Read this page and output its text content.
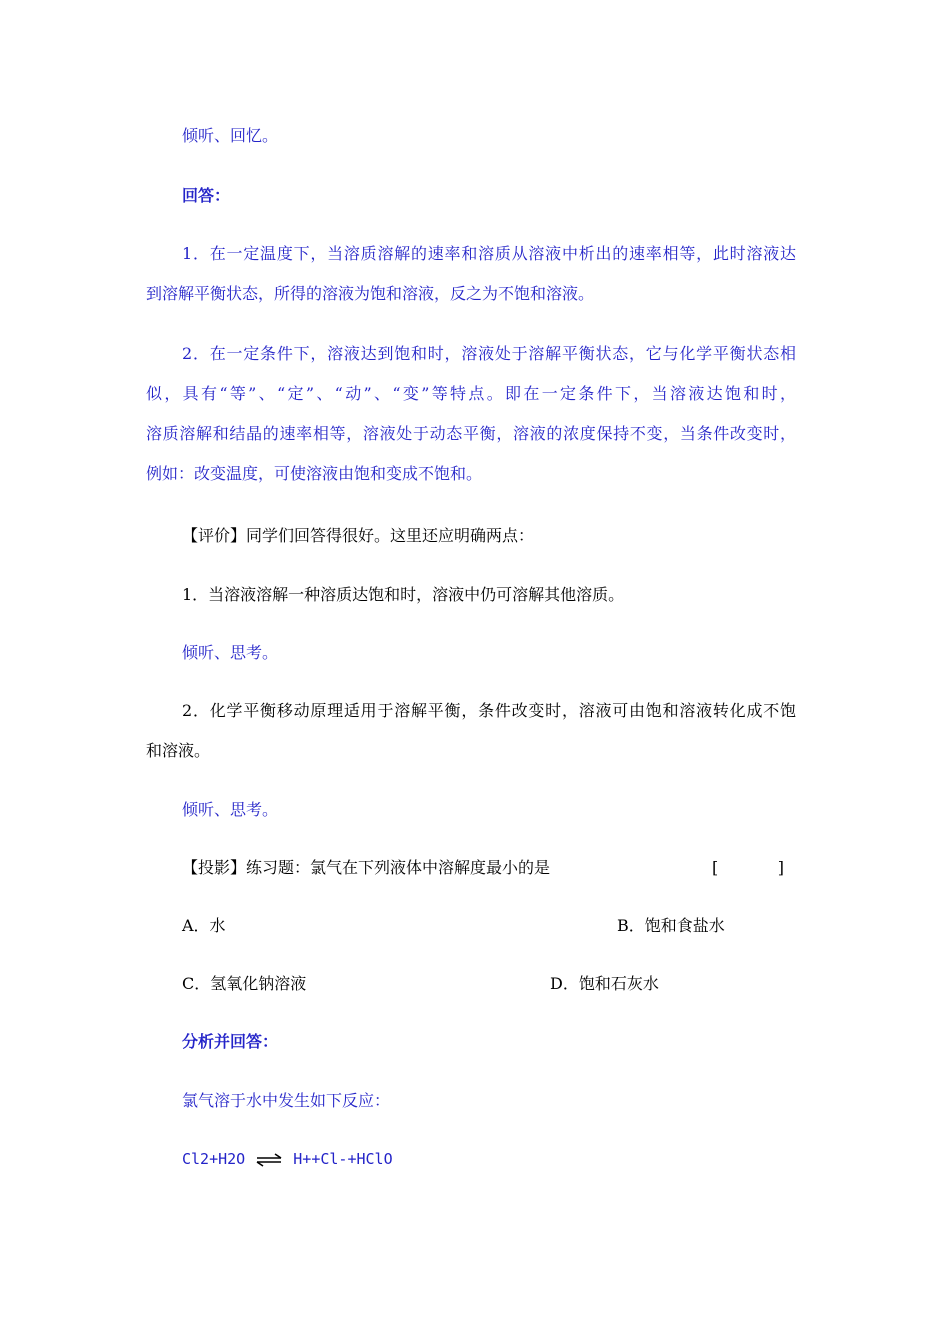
倾听、回忆。

回答：

1．在一定温度下，当溶质溶解的速率和溶质从溶液中析出的速率相等，此时溶液达
到溶解平衡状态，所得的溶液为饱和溶液，反之为不饱和溶液。
2．在一定条件下，溶液达到饱和时，溶液处于溶解平衡状态，它与化学平衡状态相
似，具有“等”、“定”、“动”、“变”等特点。即在一定条件下，当溶液达饱和时，
溶质溶解和结晶的速率相等，溶液处于动态平衡，溶液的浓度保持不变，当条件改变时，
例如：改变温度，可使溶液由饱和变成不饱和。

【评价】同学们回答得很好。这里还应明确两点：

1．当溶液溶解一种溶质达饱和时，溶液中仍可溶解其他溶质。

倾听、思考。

2．化学平衡移动原理适用于溶解平衡，条件改变时，溶液可由饱和溶液转化成不饱
和溶液。

倾听、思考。

【投影】练习题：氯气在下列液体中溶解度最小的是	[	]

A．水	B．饱和食盐水

C．氢氧化钠溶液	D．饱和石灰水

分析并回答：

氯气溶于水中发生如下反应：

Cl2+H2O ⇌ H++Cl-+HClO
